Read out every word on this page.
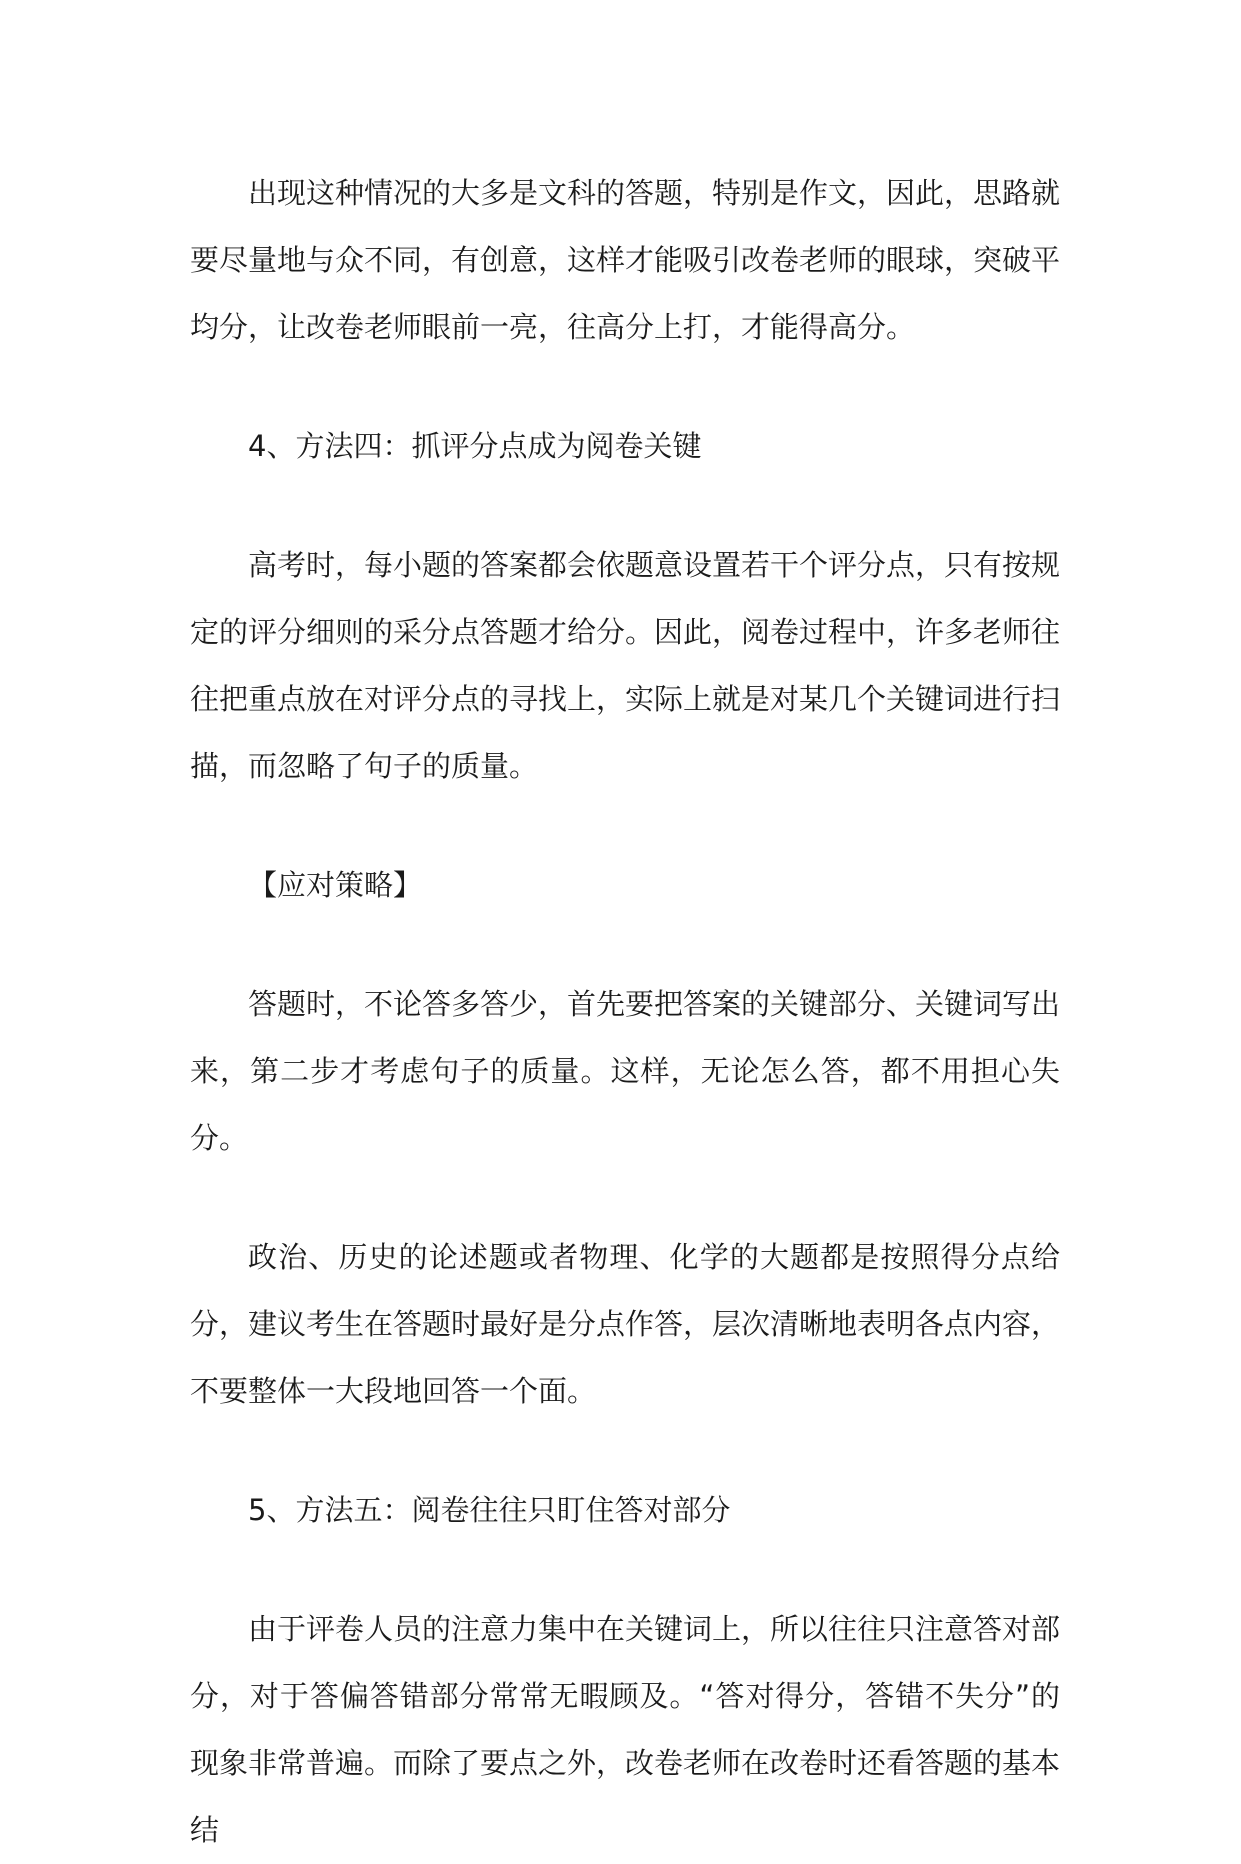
出现这种情况的大多是文科的答题，特别是作文，因此，思路就要尽量地与众不同，有创意，这样才能吸引改卷老师的眼球，突破平均分，让改卷老师眼前一亮，往高分上打，才能得高分。

4、方法四：抓评分点成为阅卷关键

高考时，每小题的答案都会依题意设置若干个评分点，只有按规定的评分细则的采分点答题才给分。因此，阅卷过程中，许多老师往往把重点放在对评分点的寻找上，实际上就是对某几个关键词进行扫描，而忽略了句子的质量。

【应对策略】

答题时，不论答多答少，首先要把答案的关键部分、关键词写出来，第二步才考虑句子的质量。这样，无论怎么答，都不用担心失分。

政治、历史的论述题或者物理、化学的大题都是按照得分点给分，建议考生在答题时最好是分点作答，层次清晰地表明各点内容，不要整体一大段地回答一个面。

5、方法五：阅卷往往只盯住答对部分

由于评卷人员的注意力集中在关键词上，所以往往只注意答对部分，对于答偏答错部分常常无暇顾及。“答对得分，答错不失分”的现象非常普遍。而除了要点之外，改卷老师在改卷时还看答题的基本结
